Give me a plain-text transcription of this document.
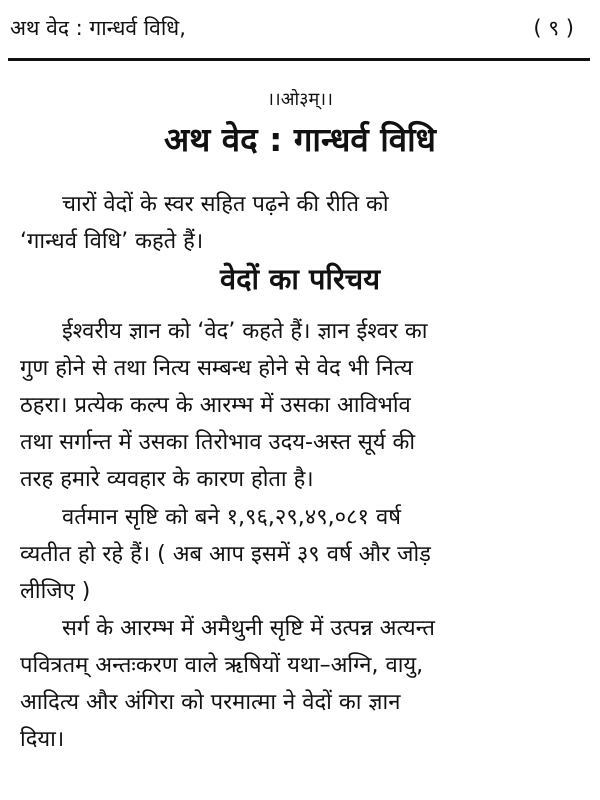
अथ वेद : गान्धर्व विधि,	( ९ )
।।ओ३म्।।
अथ वेद : गान्धर्व विधि
चारों वेदों के स्वर सहित पढ़ने की रीति को
‘गान्धर्व विधि’ कहते हैं।
वेदों का परिचय
ईश्वरीय ज्ञान को ‘वेद’ कहते हैं। ज्ञान ईश्वर का
गुण होने से तथा नित्य सम्बन्ध होने से वेद भी नित्य
ठहरा। प्रत्येक कल्प के आरम्भ में उसका आविर्भाव
तथा सर्गान्त में उसका तिरोभाव उदय-अस्त सूर्य की
तरह हमारे व्यवहार के कारण होता है।
वर्तमान सृष्टि को बने १,९६,२९,४९,०८१ वर्ष
व्यतीत हो रहे हैं। ( अब आप इसमें ३९ वर्ष और जोड़
लीजिए )
सर्ग के आरम्भ में अमैथुनी सृष्टि में उत्पन्न अत्यन्त
पवित्रतम् अन्तःकरण वाले ऋषियों यथा–अग्नि, वायु,
आदित्य और अंगिरा को परमात्मा ने वेदों का ज्ञान
दिया।
